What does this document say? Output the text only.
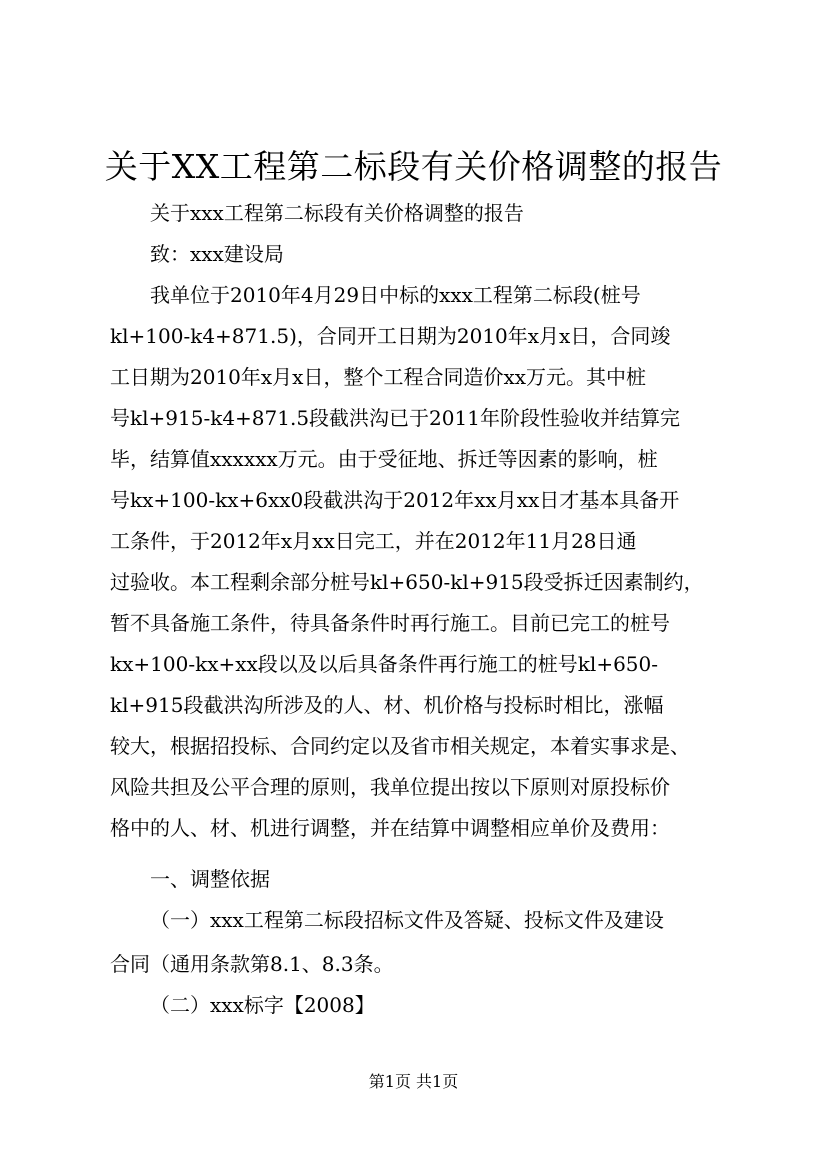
关于XX工程第二标段有关价格调整的报告
关于xxx工程第二标段有关价格调整的报告
致：xxx建设局
我单位于2010年4月29日中标的xxx工程第二标段(桩号
kl+100-k4+871.5)，合同开工日期为2010年x月x日，合同竣
工日期为2010年x月x日，整个工程合同造价xx万元。其中桩
号kl+915-k4+871.5段截洪沟已于2011年阶段性验收并结算完
毕，结算值xxxxxx万元。由于受征地、拆迁等因素的影响，桩
号kx+100-kx+6xx0段截洪沟于2012年xx月xx日才基本具备开
工条件，于2012年x月xx日完工，并在2012年11月28日通
过验收。本工程剩余部分桩号kl+650-kl+915段受拆迁因素制约，
暂不具备施工条件，待具备条件时再行施工。目前已完工的桩号
kx+100-kx+xx段以及以后具备条件再行施工的桩号kl+650-
kl+915段截洪沟所涉及的人、材、机价格与投标时相比，涨幅
较大，根据招投标、合同约定以及省市相关规定，本着实事求是、
风险共担及公平合理的原则，我单位提出按以下原则对原投标价
格中的人、材、机进行调整，并在结算中调整相应单价及费用：
一、调整依据
（一）xxx工程第二标段招标文件及答疑、投标文件及建设
合同（通用条款第8.1、8.3条。
（二）xxx标字【2008】
第1页 共1页
